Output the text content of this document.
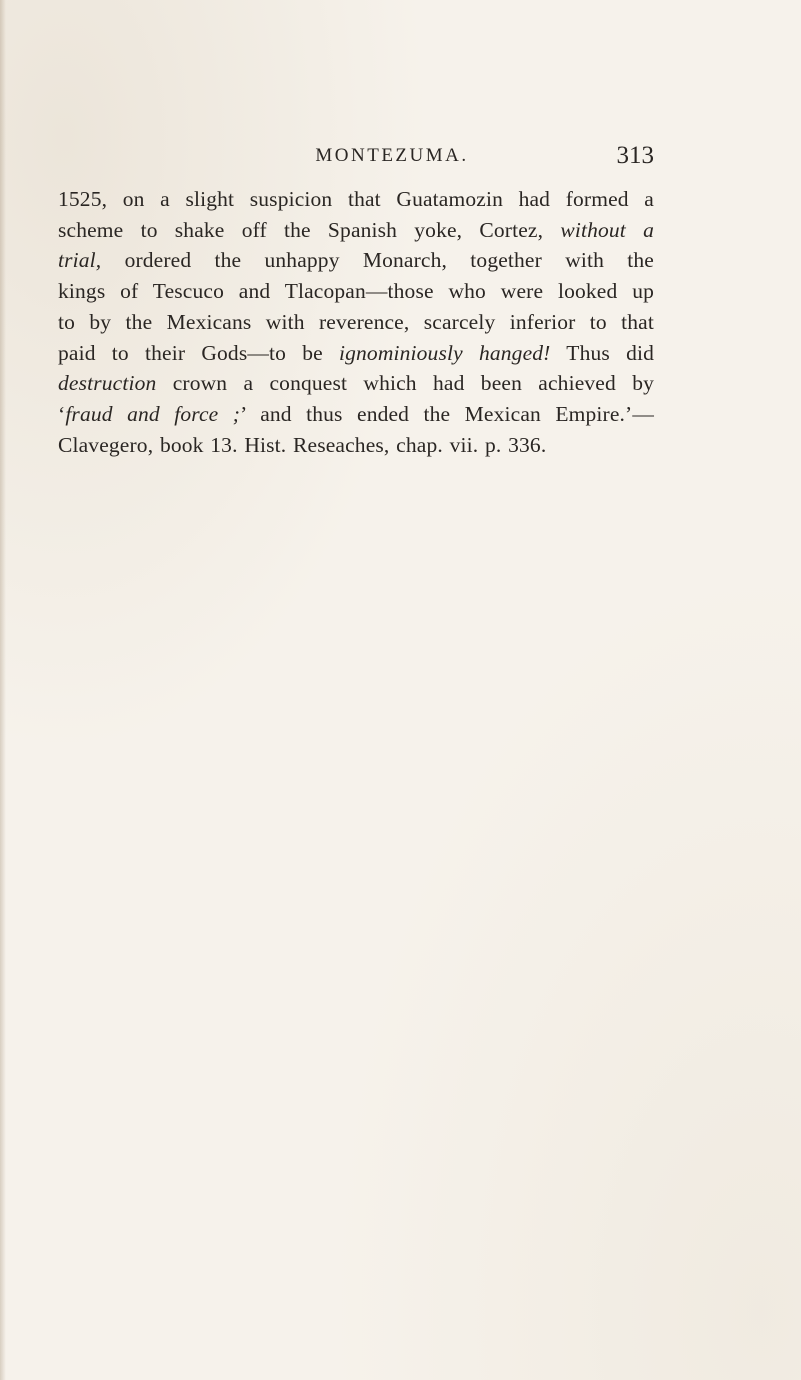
MONTEZUMA.	313
1525, on a slight suspicion that Guatamozin had formed a
scheme to shake off the Spanish yoke, Cortez, without a
trial, ordered the unhappy Monarch, together with the
kings of Tescuco and Tlacopan—those who were looked up
to by the Mexicans with reverence, scarcely inferior to that
paid to their Gods—to be ignominiously hanged! Thus did
destruction crown a conquest which had been achieved by
‘fraud and force ;’ and thus ended the Mexican Empire.’—
Clavegero, book 13. Hist. Reseaches, chap. vii. p. 336.
